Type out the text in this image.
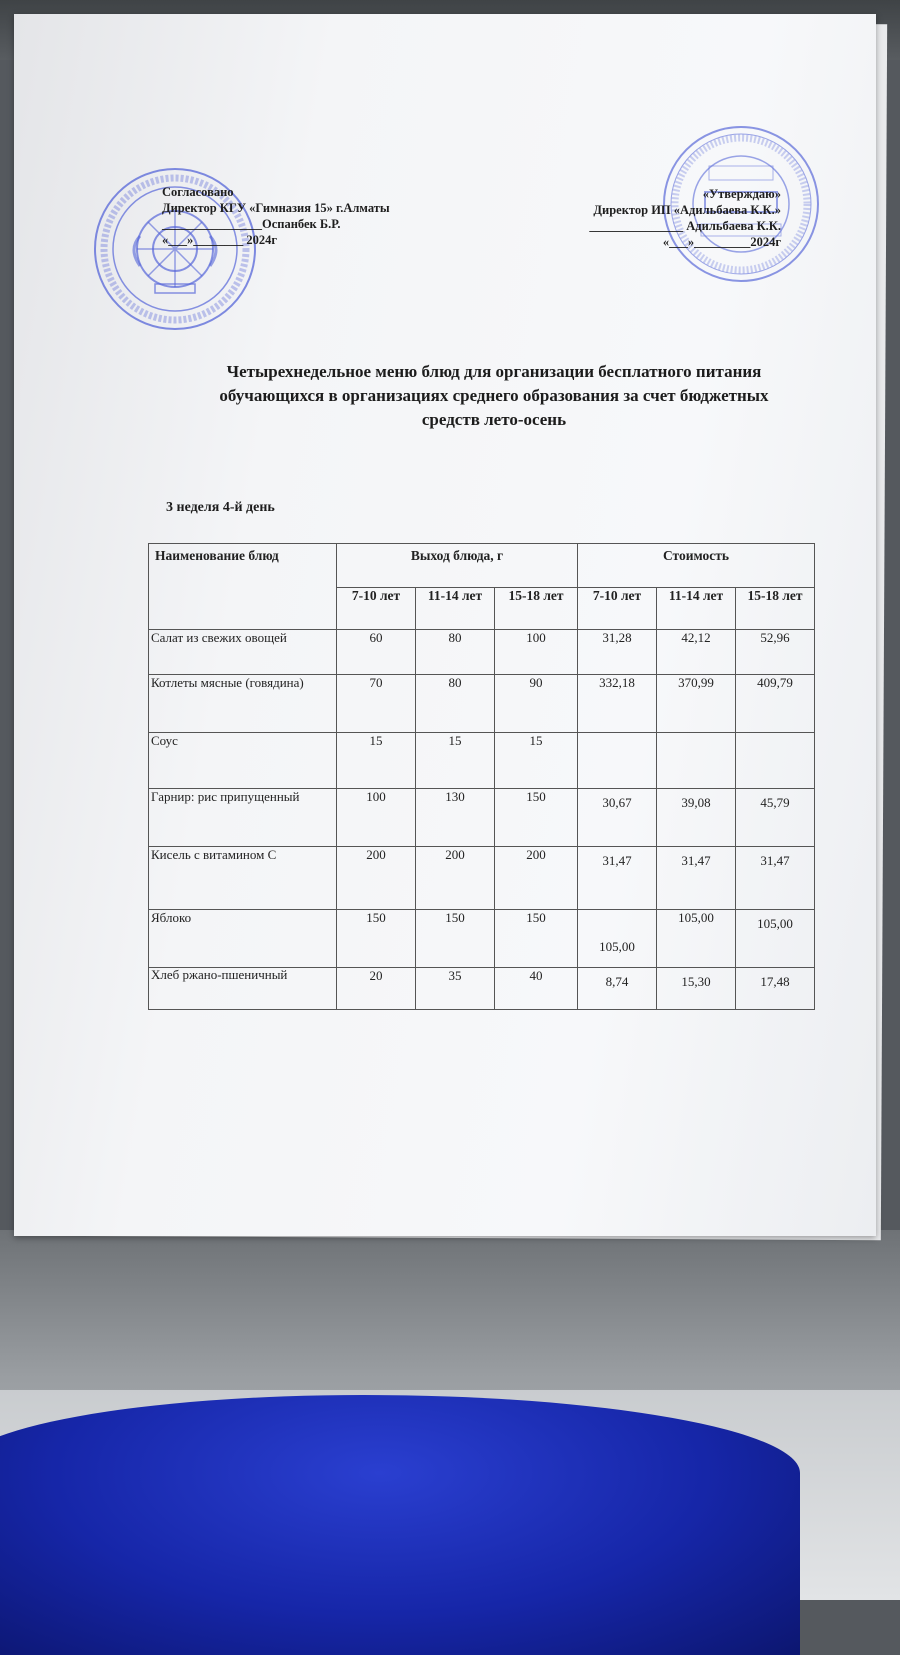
Согласовано
Директор КГУ «Гимназия 15» г.Алматы
________________Оспанбек Б.Р.
«___»________ 2024г
«Утверждаю»
Директор ИП «Адильбаева К.К.»
_______________ Адильбаева К.К.
«___»_________2024г
Четырехнедельное меню блюд для организации бесплатного питания
обучающихся в организациях среднего образования за счет бюджетных
средств лето-осень
3 неделя 4-й день
Наименование блюд	Выход блюда, г			Стоимость		
	7-10 лет	11-14 лет	15-18 лет	7-10 лет	11-14 лет	15-18 лет
Салат из свежих овощей	60	80	100	31,28	42,12	52,96
Котлеты мясные (говядина)	70	80	90	332,18	370,99	409,79
Соус	15	15	15			
Гарнир: рис припущенный	100	130	150	30,67	39,08	45,79
Кисель с витамином С	200	200	200	31,47	31,47	31,47
Яблоко	150	150	150	105,00	105,00	105,00
Хлеб ржано-пшеничный	20	35	40	8,74	15,30	17,48
